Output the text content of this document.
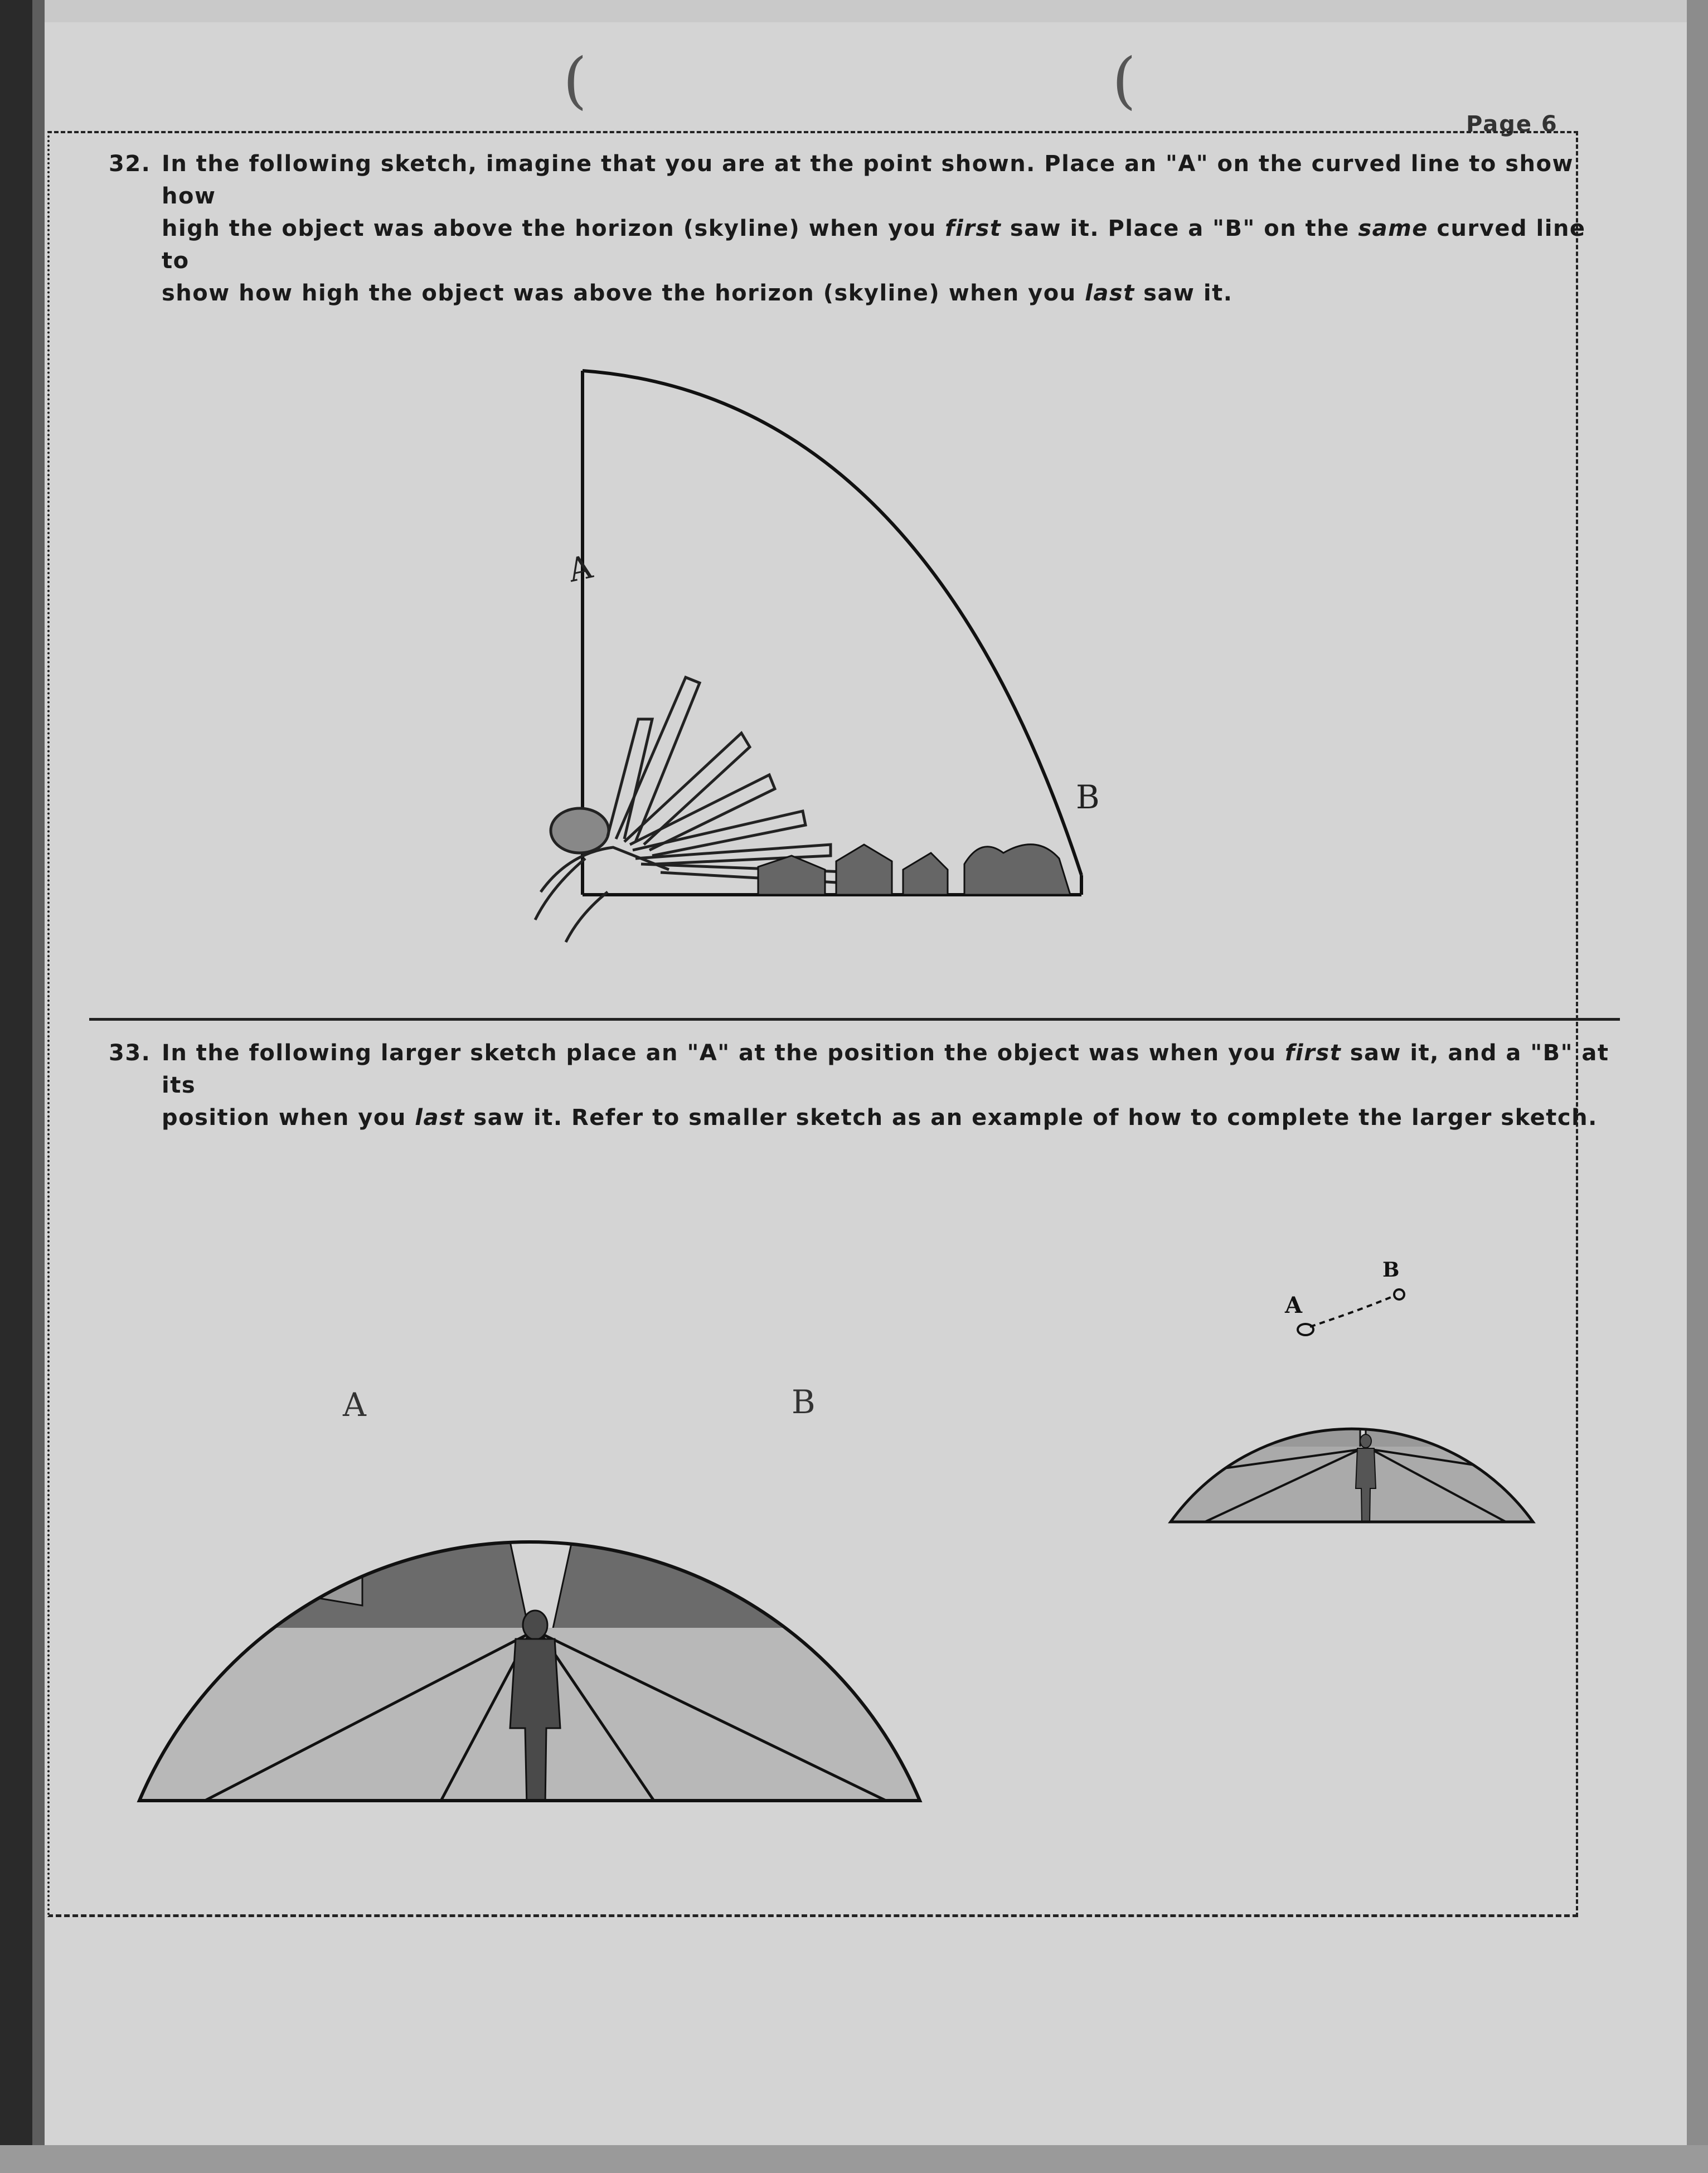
(	(
Page 6
32. In the following sketch, imagine that you are at the point shown. Place an "A" on the curved line to show how
high the object was above the horizon (skyline) when you first saw it. Place a "B" on the same curved line to
show how high the object was above the horizon (skyline) when you last saw it.
A
B
33. In the following larger sketch place an "A" at the position the object was when you first saw it, and a "B" at its
position when you last saw it. Refer to smaller sketch as an example of how to complete the larger sketch.
A	B
A
B
